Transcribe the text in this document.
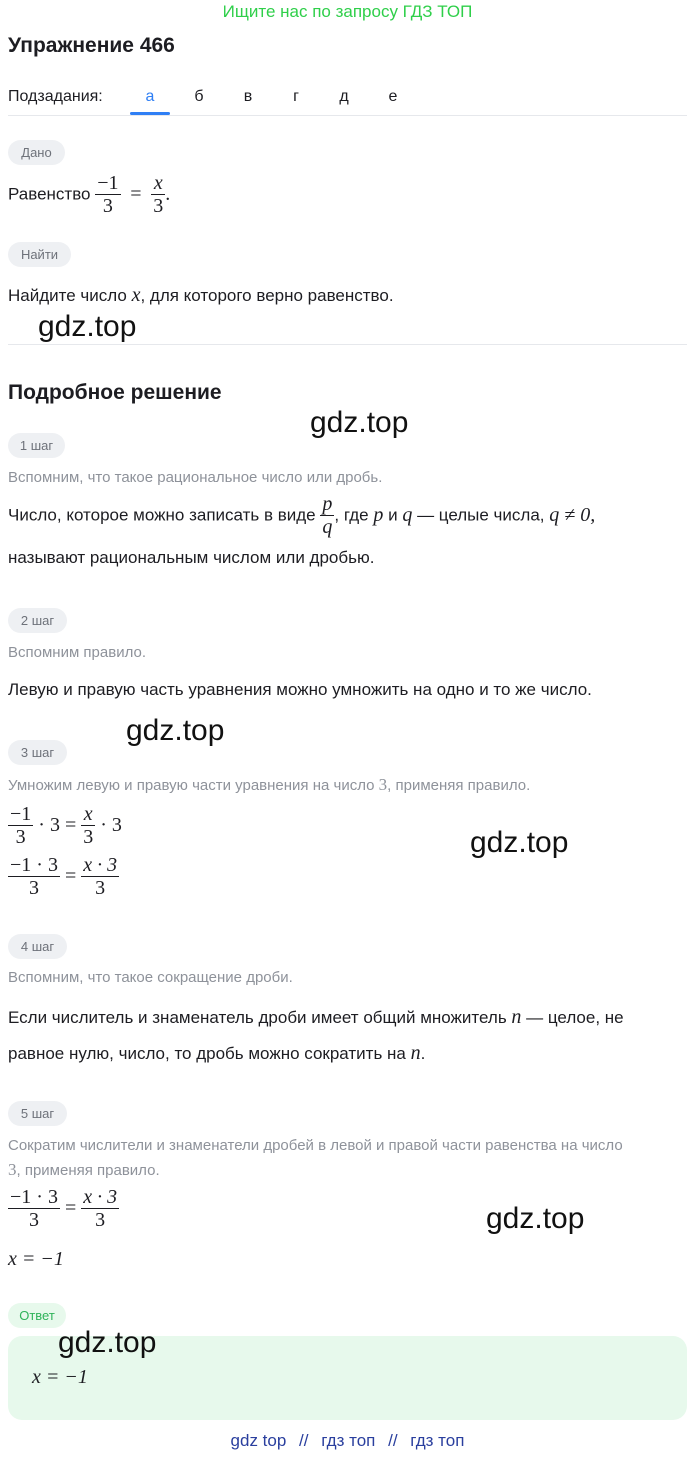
Ищите нас по запросу ГДЗ ТОП
Упражнение 466
Подзадания:	а	б	в	г	д	е
Дано
Равенство $\frac{-1}{3} = \frac{x}{3}$ .
Найти
Найдите число x, для которого верно равенство.
gdz.top
Подробное решение
gdz.top
1 шаг
Вспомним, что такое рациональное число или дробь.
Число, которое можно записать в виде $\frac{p}{q}$ , где p и q — целые числа, q ≠ 0,
называют рациональным числом или дробью.
2 шаг
Вспомним правило.
Левую и правую часть уравнения можно умножить на одно и то же число.
gdz.top
3 шаг
Умножим левую и правую части уравнения на число 3, применяя правило.
$\frac{-1}{3} \cdot 3 = \frac{x}{3} \cdot 3$
$\frac{-1 \cdot 3}{3} = \frac{x \cdot 3}{3}$
gdz.top
4 шаг
Вспомним, что такое сокращение дроби.
Если числитель и знаменатель дроби имеет общий множитель n — целое, не
равное нулю, число, то дробь можно сократить на n.
5 шаг
Сократим числители и знаменатели дробей в левой и правой части равенства на число
3, применяя правило.
$\frac{-1 \cdot 3}{3} = \frac{x \cdot 3}{3}$
x = −1
gdz.top
Ответ
x = −1
gdz.top
gdz top // гдз топ // гдз топ
